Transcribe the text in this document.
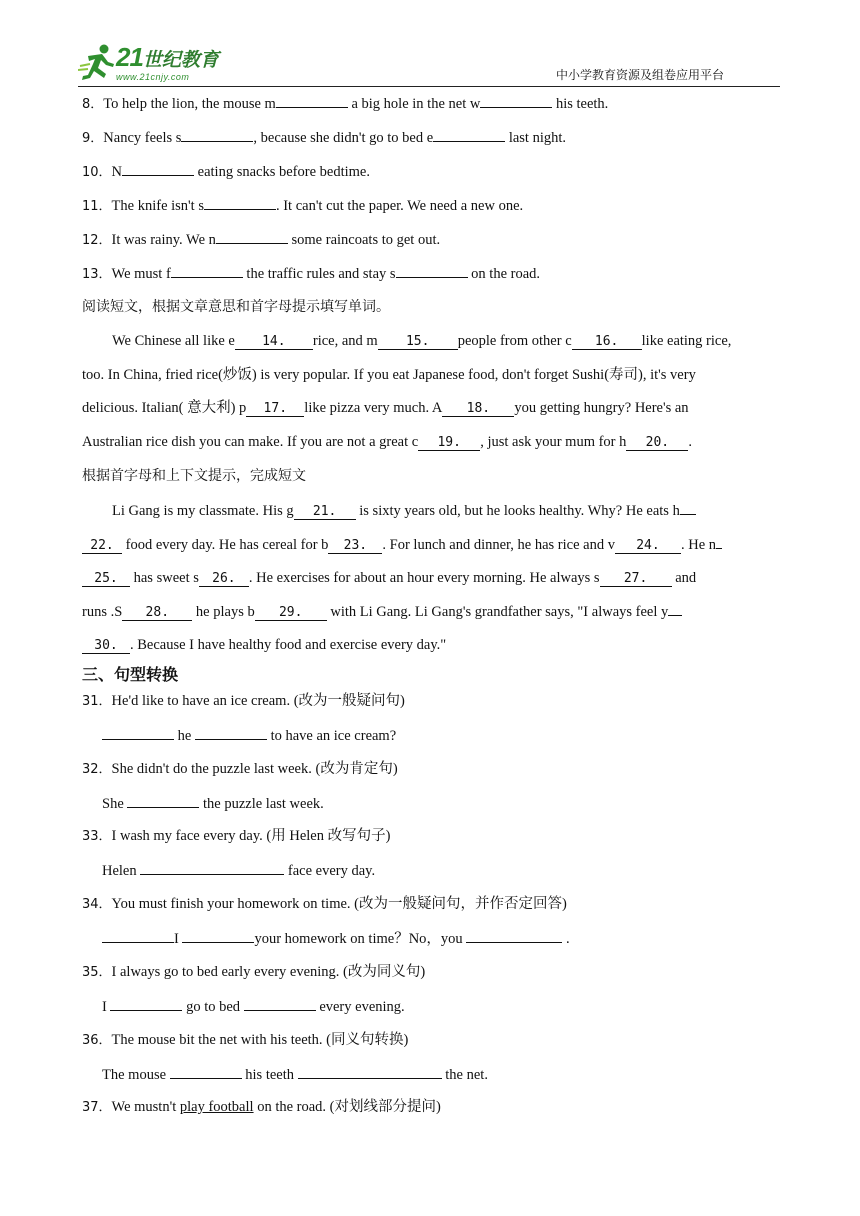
21世纪教育
www.21cnjy.com	中小学教育资源及组卷应用平台
8．To help the lion, the mouse m	a big hole in the net w	his teeth.
9．Nancy feels s	, because she didn't go to bed e	last night.
10．N	eating snacks before bedtime.
11．The knife isn't s	. It can't cut the paper. We need a new one.
12．It was rainy. We n	some raincoats to get out.
13．We must f	the traffic rules and stay s	on the road.
阅读短文，根据文章意思和首字母提示填写单词。
We Chinese all like e 14. rice, and m 15. people from other c 16. like eating rice,
too. In China, fried rice(炒饭) is very popular. If you eat Japanese food, don't forget Sushi(寿司), it's very
delicious. Italian( 意大利) p 17. like pizza very much. A 18. you getting hungry? Here's an
Australian rice dish you can make. If you are not a great c 19. , just ask your mum for h 20. .
根据首字母和上下文提示，完成短文
Li Gang is my classmate. His g 21. is sixty years old, but he looks healthy. Why? He eats h
22. food every day. He has cereal for b 23. . For lunch and dinner, he has rice and v 24. . He n
25. has sweet s 26. . He exercises for about an hour every morning. He always s 27. and
runs .S 28. he plays b 29. with Li Gang. Li Gang's grandfather says, "I always feel y
30. . Because I have healthy food and exercise every day."
三、句型转换
31．He'd like to have an ice cream. (改为一般疑问句)
he	to have an ice cream?
32．She didn't do the puzzle last week. (改为肯定句)
She	the puzzle last week.
33．I wash my face every day. (用 Helen 改写句子)
Helen	face every day.
34．You must finish your homework on time. (改为一般疑问句，并作否定回答)
I	your homework on time？No，you	.
35．I always go to bed early every evening. (改为同义句)
I	go to bed	every evening.
36．The mouse bit the net with his teeth. (同义句转换)
The mouse	his teeth	the net.
37．We mustn't play football on the road. (对划线部分提问)
